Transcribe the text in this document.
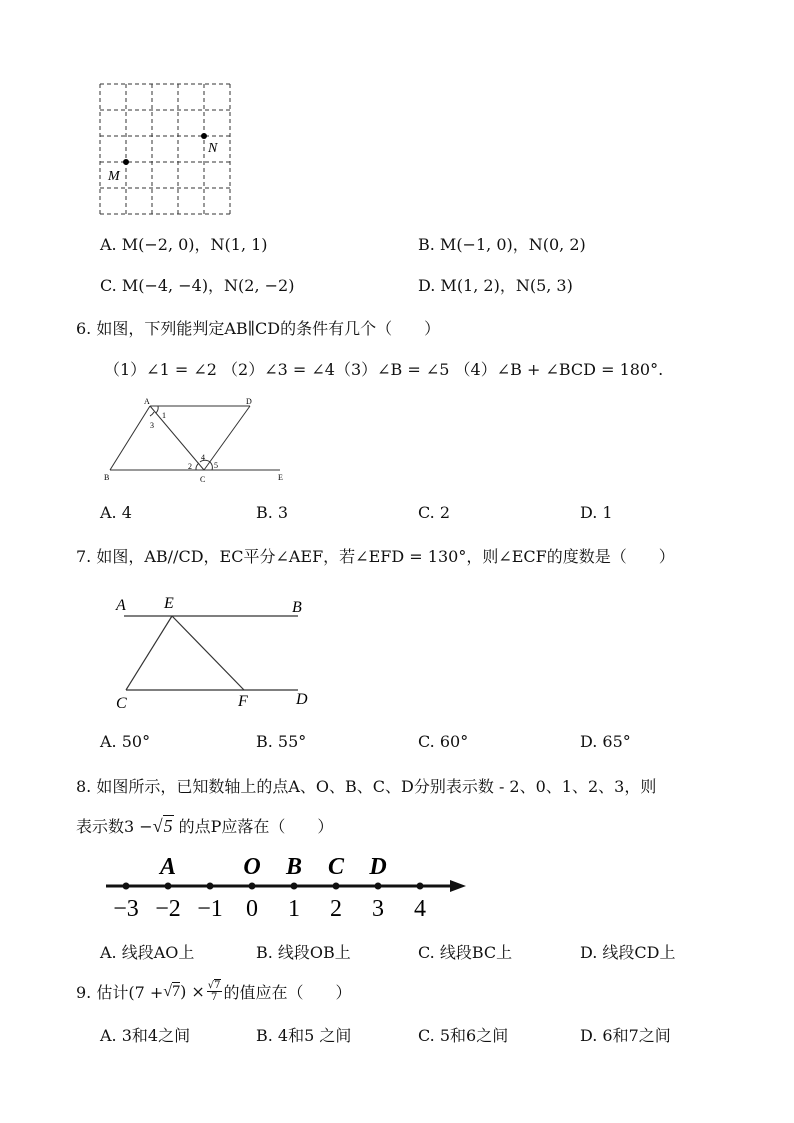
M
N
A. M(−2, 0)，N(1, 1)	B. M(−1, 0)，N(0, 2)
C. M(−4, −4)，N(2, −2)	D. M(1, 2)，N(5, 3)
6. 如图，下列能判定AB∥CD的条件有几个（　　）
（1）∠1 = ∠2 （2）∠3 = ∠4（3）∠B = ∠5 （4）∠B + ∠BCD = 180°.
A	D
B	C	E
1
3
2
4
5
A. 4	B. 3	C. 2	D. 1
7. 如图，AB//CD，EC平分∠AEF，若∠EFD = 130°，则∠ECF的度数是（　　）
A E	B
C	F	D
A. 50°	B. 55°	C. 60°	D. 65°
8. 如图所示，已知数轴上的点A、O、B、C、D分别表示数 - 2、0、1、2、3，则
表示数3 −√5 的点P应落在（　　）
−3 −2 −1 0 1 2 3 4
A	O B C D
A. 线段AO上	B. 线段OB上	C. 线段BC上	D. 线段CD上
9. 估计(7 + √7 ) × $\frac{√7}{7}$ 的值应在（　　）
A. 3和4之间	B. 4和5 之间	C. 5和6之间	D. 6和7之间
